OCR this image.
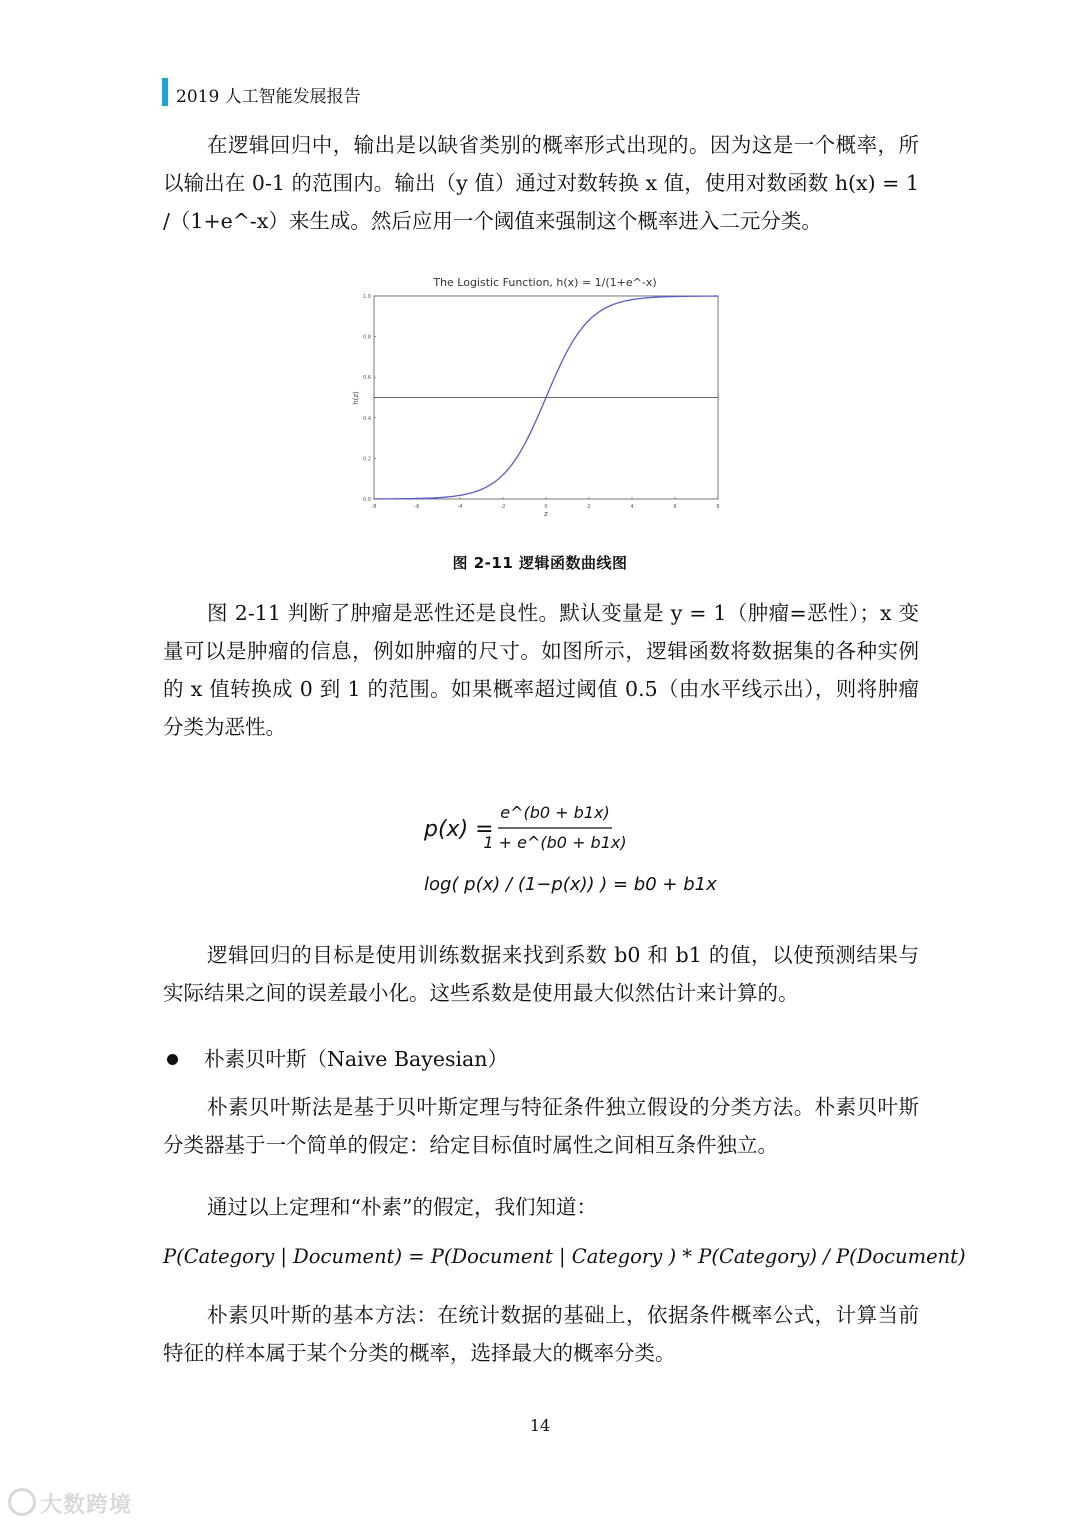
2019 人工智能发展报告

在逻辑回归中，输出是以缺省类别的概率形式出现的。因为这是一个概率，所以输出在 0-1 的范围内。输出（y 值）通过对数转换 x 值，使用对数函数 h(x) = 1 /（1+e^-x）来生成。然后应用一个阈值来强制这个概率进入二元分类。

The Logistic Function, h(x) = 1/(1+e^-x)
-8	-6	-4	-2	0	2	4	6	8
0.0
0.2
0.4
0.6
0.8
1.0
h(z)
z
图 2-11 逻辑函数曲线图

图 2-11 判断了肿瘤是恶性还是良性。默认变量是 y = 1（肿瘤=恶性）；x 变量可以是肿瘤的信息，例如肿瘤的尺寸。如图所示，逻辑函数将数据集的各种实例的 x 值转换成 0 到 1 的范围。如果概率超过阈值 0.5（由水平线示出），则将肿瘤分类为恶性。

p(x) =
e^(b0 + b1x)
1 + e^(b0 + b1x)
log( p(x) / (1−p(x)) ) = b0 + b1x

逻辑回归的目标是使用训练数据来找到系数 b0 和 b1 的值，以使预测结果与实际结果之间的误差最小化。这些系数是使用最大似然估计来计算的。

朴素贝叶斯（Naive Bayesian）

朴素贝叶斯法是基于贝叶斯定理与特征条件独立假设的分类方法。朴素贝叶斯分类器基于一个简单的假定：给定目标值时属性之间相互条件独立。

通过以上定理和“朴素”的假定，我们知道：

P(Category | Document) = P(Document | Category ) * P(Category) / P(Document)

朴素贝叶斯的基本方法：在统计数据的基础上，依据条件概率公式，计算当前特征的样本属于某个分类的概率，选择最大的概率分类。

14
大数跨境
